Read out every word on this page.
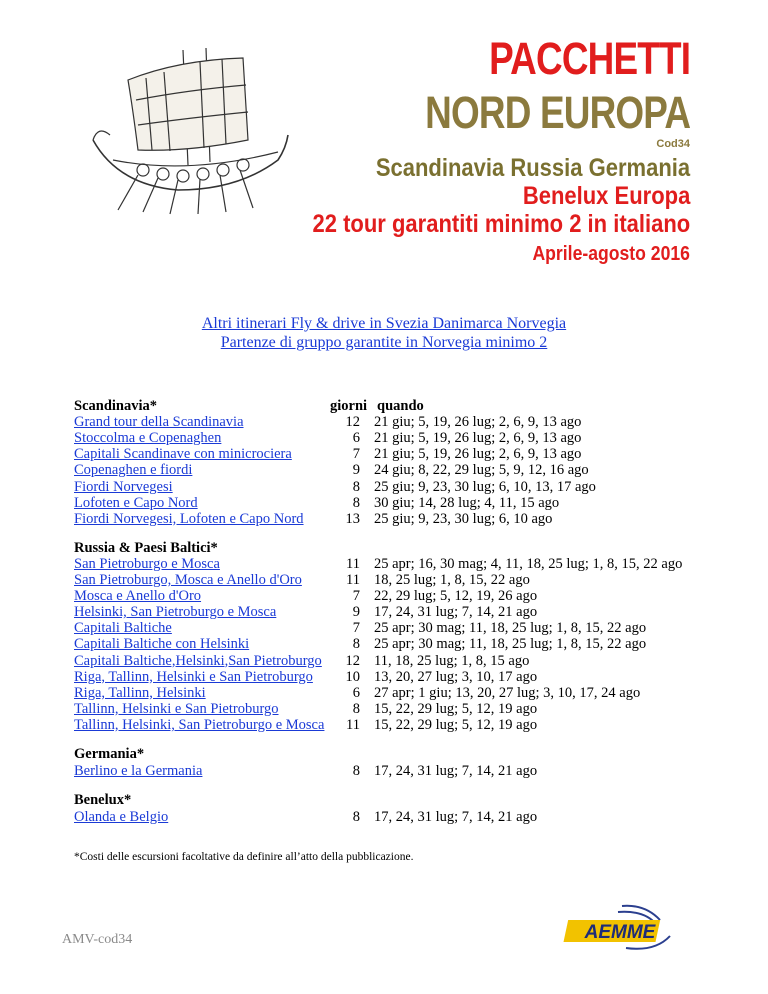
PACCHETTI
NORD EUROPA
Cod34
Scandinavia Russia Germania
Benelux Europa
22 tour garantiti minimo 2 in italiano
Aprile-agosto 2016
Altri itinerari Fly & drive in Svezia Danimarca Norvegia
Partenze di gruppo garantite in Norvegia minimo 2
Scandinavia*	giorni quando
Grand tour della Scandinavia	12 21 giu; 5, 19, 26 lug; 2, 6, 9, 13 ago
Stoccolma e Copenaghen	6 21 giu; 5, 19, 26 lug; 2, 6, 9, 13 ago
Capitali Scandinave con minicrociera	7 21 giu; 5, 19, 26 lug; 2, 6, 9, 13 ago
Copenaghen e fiordi	9 24 giu; 8, 22, 29 lug; 5, 9, 12, 16 ago
Fiordi Norvegesi	8 25 giu; 9, 23, 30 lug; 6, 10, 13, 17 ago
Lofoten e Capo Nord	8 30 giu; 14, 28 lug; 4, 11, 15 ago
Fiordi Norvegesi, Lofoten e Capo Nord	13 25 giu; 9, 23, 30 lug; 6, 10 ago
Russia & Paesi Baltici*
San Pietroburgo e Mosca	11 25 apr; 16, 30 mag; 4, 11, 18, 25 lug; 1, 8, 15, 22 ago
San Pietroburgo, Mosca e Anello d'Oro	11 18, 25 lug; 1, 8, 15, 22 ago
Mosca e Anello d'Oro	7 22, 29 lug; 5, 12, 19, 26 ago
Helsinki, San Pietroburgo e Mosca	9 17, 24, 31 lug; 7, 14, 21 ago
Capitali Baltiche	7 25 apr; 30 mag; 11, 18, 25 lug; 1, 8, 15, 22 ago
Capitali Baltiche con Helsinki	8 25 apr; 30 mag; 11, 18, 25 lug; 1, 8, 15, 22 ago
Capitali Baltiche,Helsinki,San Pietroburgo	12 11, 18, 25 lug; 1, 8, 15 ago
Riga, Tallinn, Helsinki e San Pietroburgo	10 13, 20, 27 lug; 3, 10, 17 ago
Riga, Tallinn, Helsinki	6 27 apr; 1 giu; 13, 20, 27 lug; 3, 10, 17, 24 ago
Tallinn, Helsinki e San Pietroburgo	8 15, 22, 29 lug; 5, 12, 19 ago
Tallinn, Helsinki, San Pietroburgo e Mosca	11 15, 22, 29 lug; 5, 12, 19 ago
Germania*
Berlino e la Germania	8 17, 24, 31 lug; 7, 14, 21 ago
Benelux*
Olanda e Belgio	8 17, 24, 31 lug; 7, 14, 21 ago
*Costi delle escursioni facoltative da definire all’atto della pubblicazione.
AMV-cod34	AEMME
